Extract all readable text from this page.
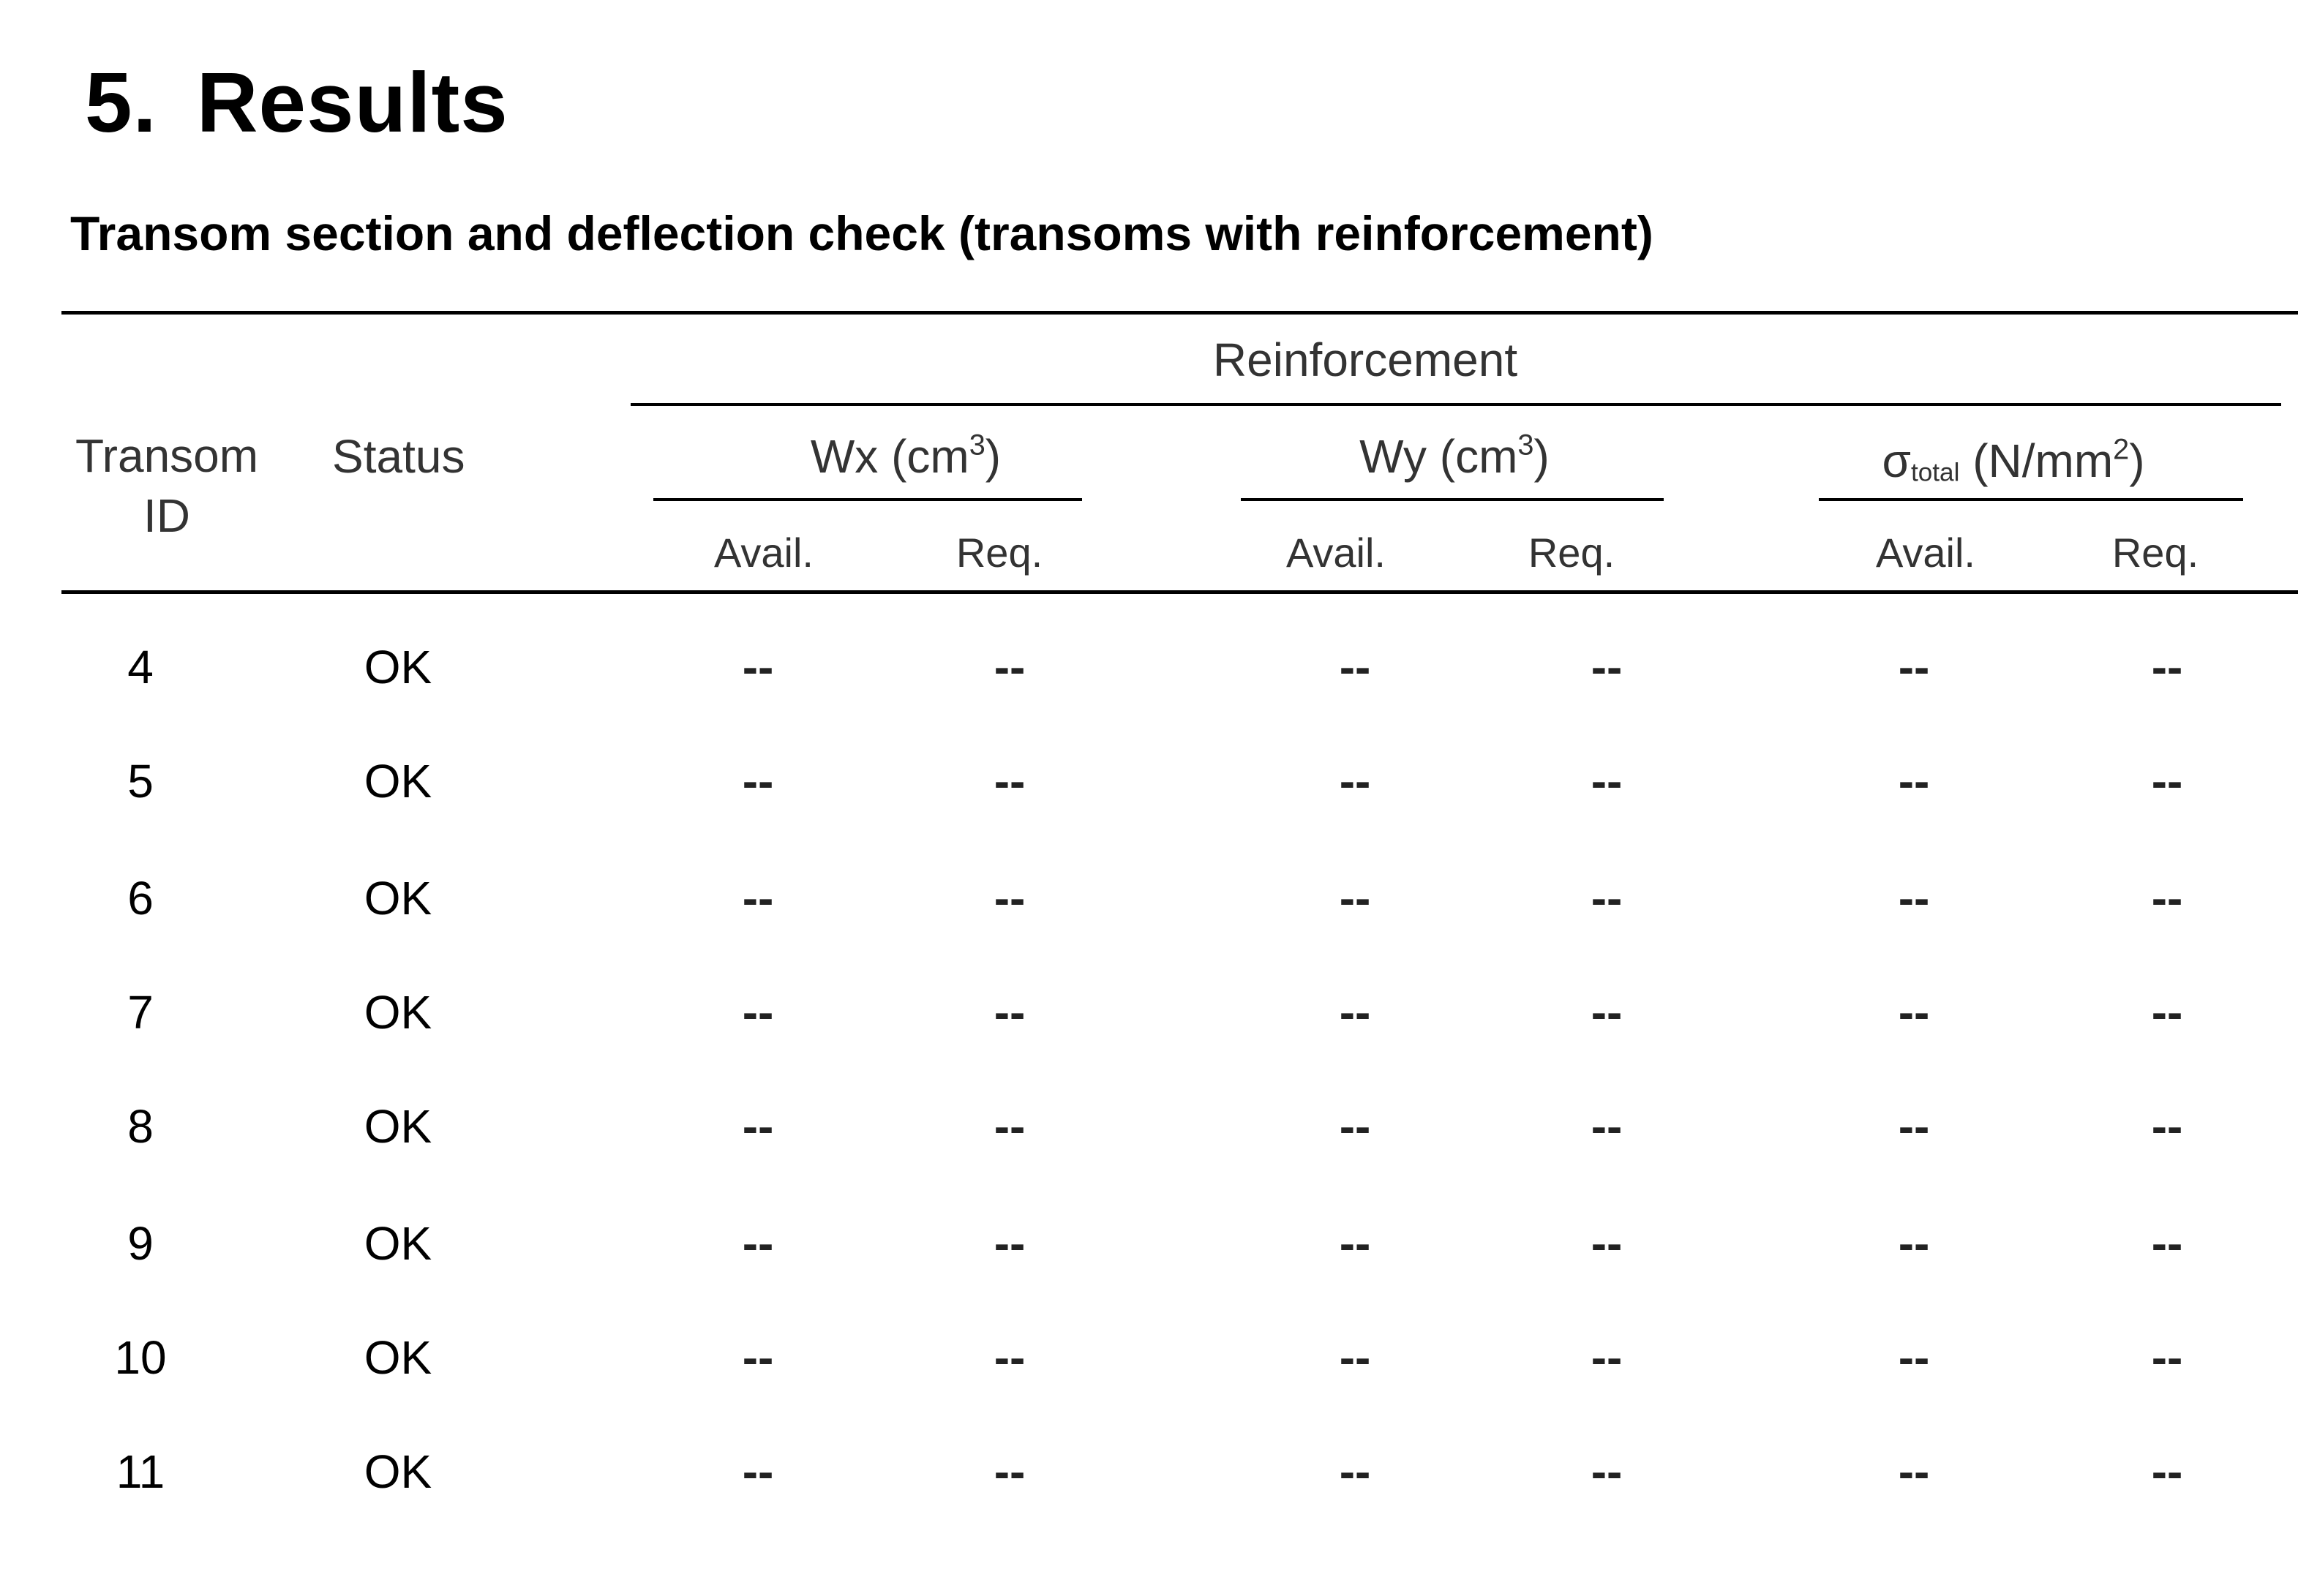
5. Results
Transom section and deflection check (transoms with reinforcement)
Reinforcement
Transom
ID
Status	Wx $(cm^3)$	Wy $(cm^3)$	$\sigma_{total}$ $(N/mm^2)$
Avail.	Req.	Avail.	Req.	Avail.	Req.
4	OK	--	--	--	--	--	--
5	OK	--	--	--	--	--	--
6	OK	--	--	--	--	--	--
7	OK	--	--	--	--	--	--
8	OK	--	--	--	--	--	--
9	OK	--	--	--	--	--	--
10	OK	--	--	--	--	--	--
11	OK	--	--	--	--	--	--
